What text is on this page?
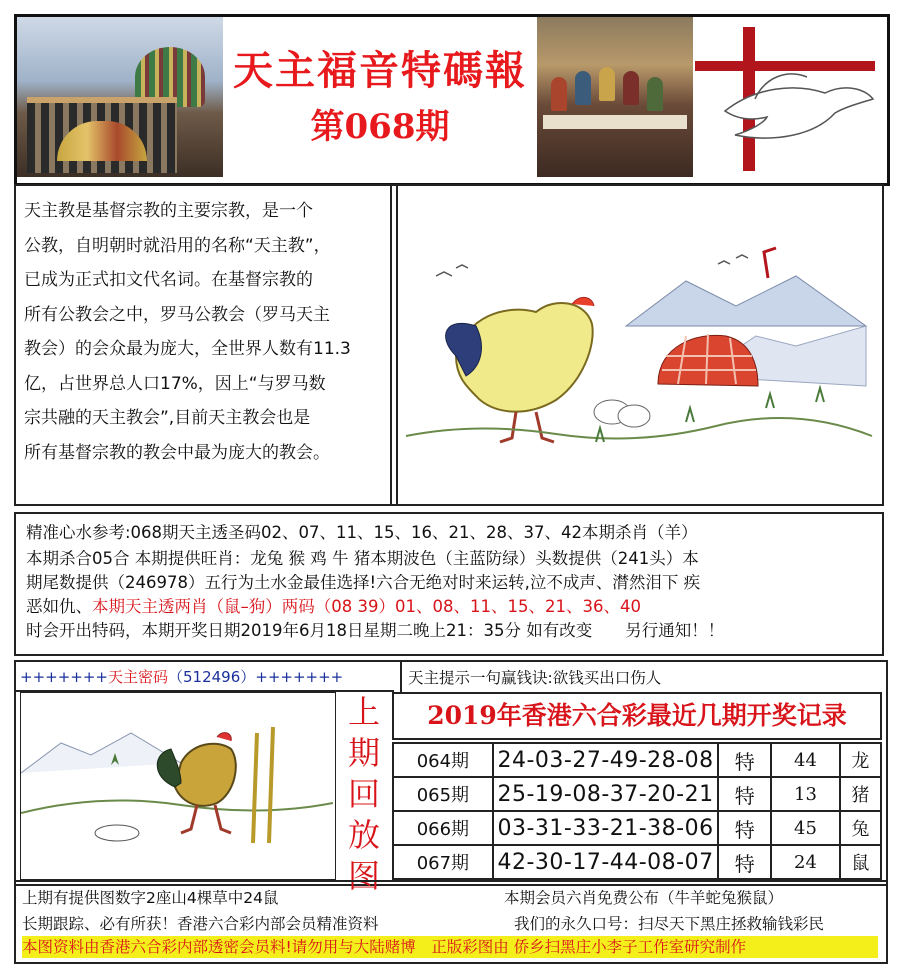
天主福音特碼報
第068期
天主教是基督宗教的主要宗教，是一个
公教，自明朝时就沿用的名称“天主教”，
已成为正式扣文代名词。在基督宗教的
所有公教会之中，罗马公教会（罗马天主
教会）的会众最为庞大，全世界人数有11.3
亿，占世界总人口17%，因上“与罗马数
宗共融的天主教会”,目前天主教会也是
所有基督宗教的教会中最为庞大的教会。

精准心水参考:068期天主透圣码02、07、11、15、16、21、28、37、42本期杀肖（羊）

本期杀合05合 本期提供旺肖：龙兔 猴 鸡 牛 猪本期波色（主蓝防绿）头数提供（241头）本

期尾数提供（246978）五行为土水金最佳选择!六合无绝对时来运转,泣不成声、潸然泪下 疾

恶如仇、本期天主透两肖（鼠–狗）两码（08 39）01、08、11、15、21、36、40

时会开出特码，本期开奖日期2019年6月18日星期二晚上21：35分 如有改变　　另行通知！！

+++++++天主密码（512496）+++++++	天主提示一句赢钱诀:欲钱买出口伤人
上
期
回
放
图
2019年香港六合彩最近几期开奖记录
064期	24-03-27-49-28-08	特	44	龙
065期	25-19-08-37-20-21	特	13	猪
066期	03-31-33-21-38-06	特	45	兔
067期	42-30-17-44-08-07	特	24	鼠
上期有提供图数字2座山4棵草中24鼠	本期会员六肖免费公布（牛羊蛇兔猴鼠）
长期跟踪、必有所获！香港六合彩内部会员精准资料	我们的永久口号：扫尽天下黑庄拯救输钱彩民
本图资料由香港六合彩内部透密会员料!请勿用与大陆赌博　正版彩图由 侨乡扫黑庄小李子工作室研究制作
